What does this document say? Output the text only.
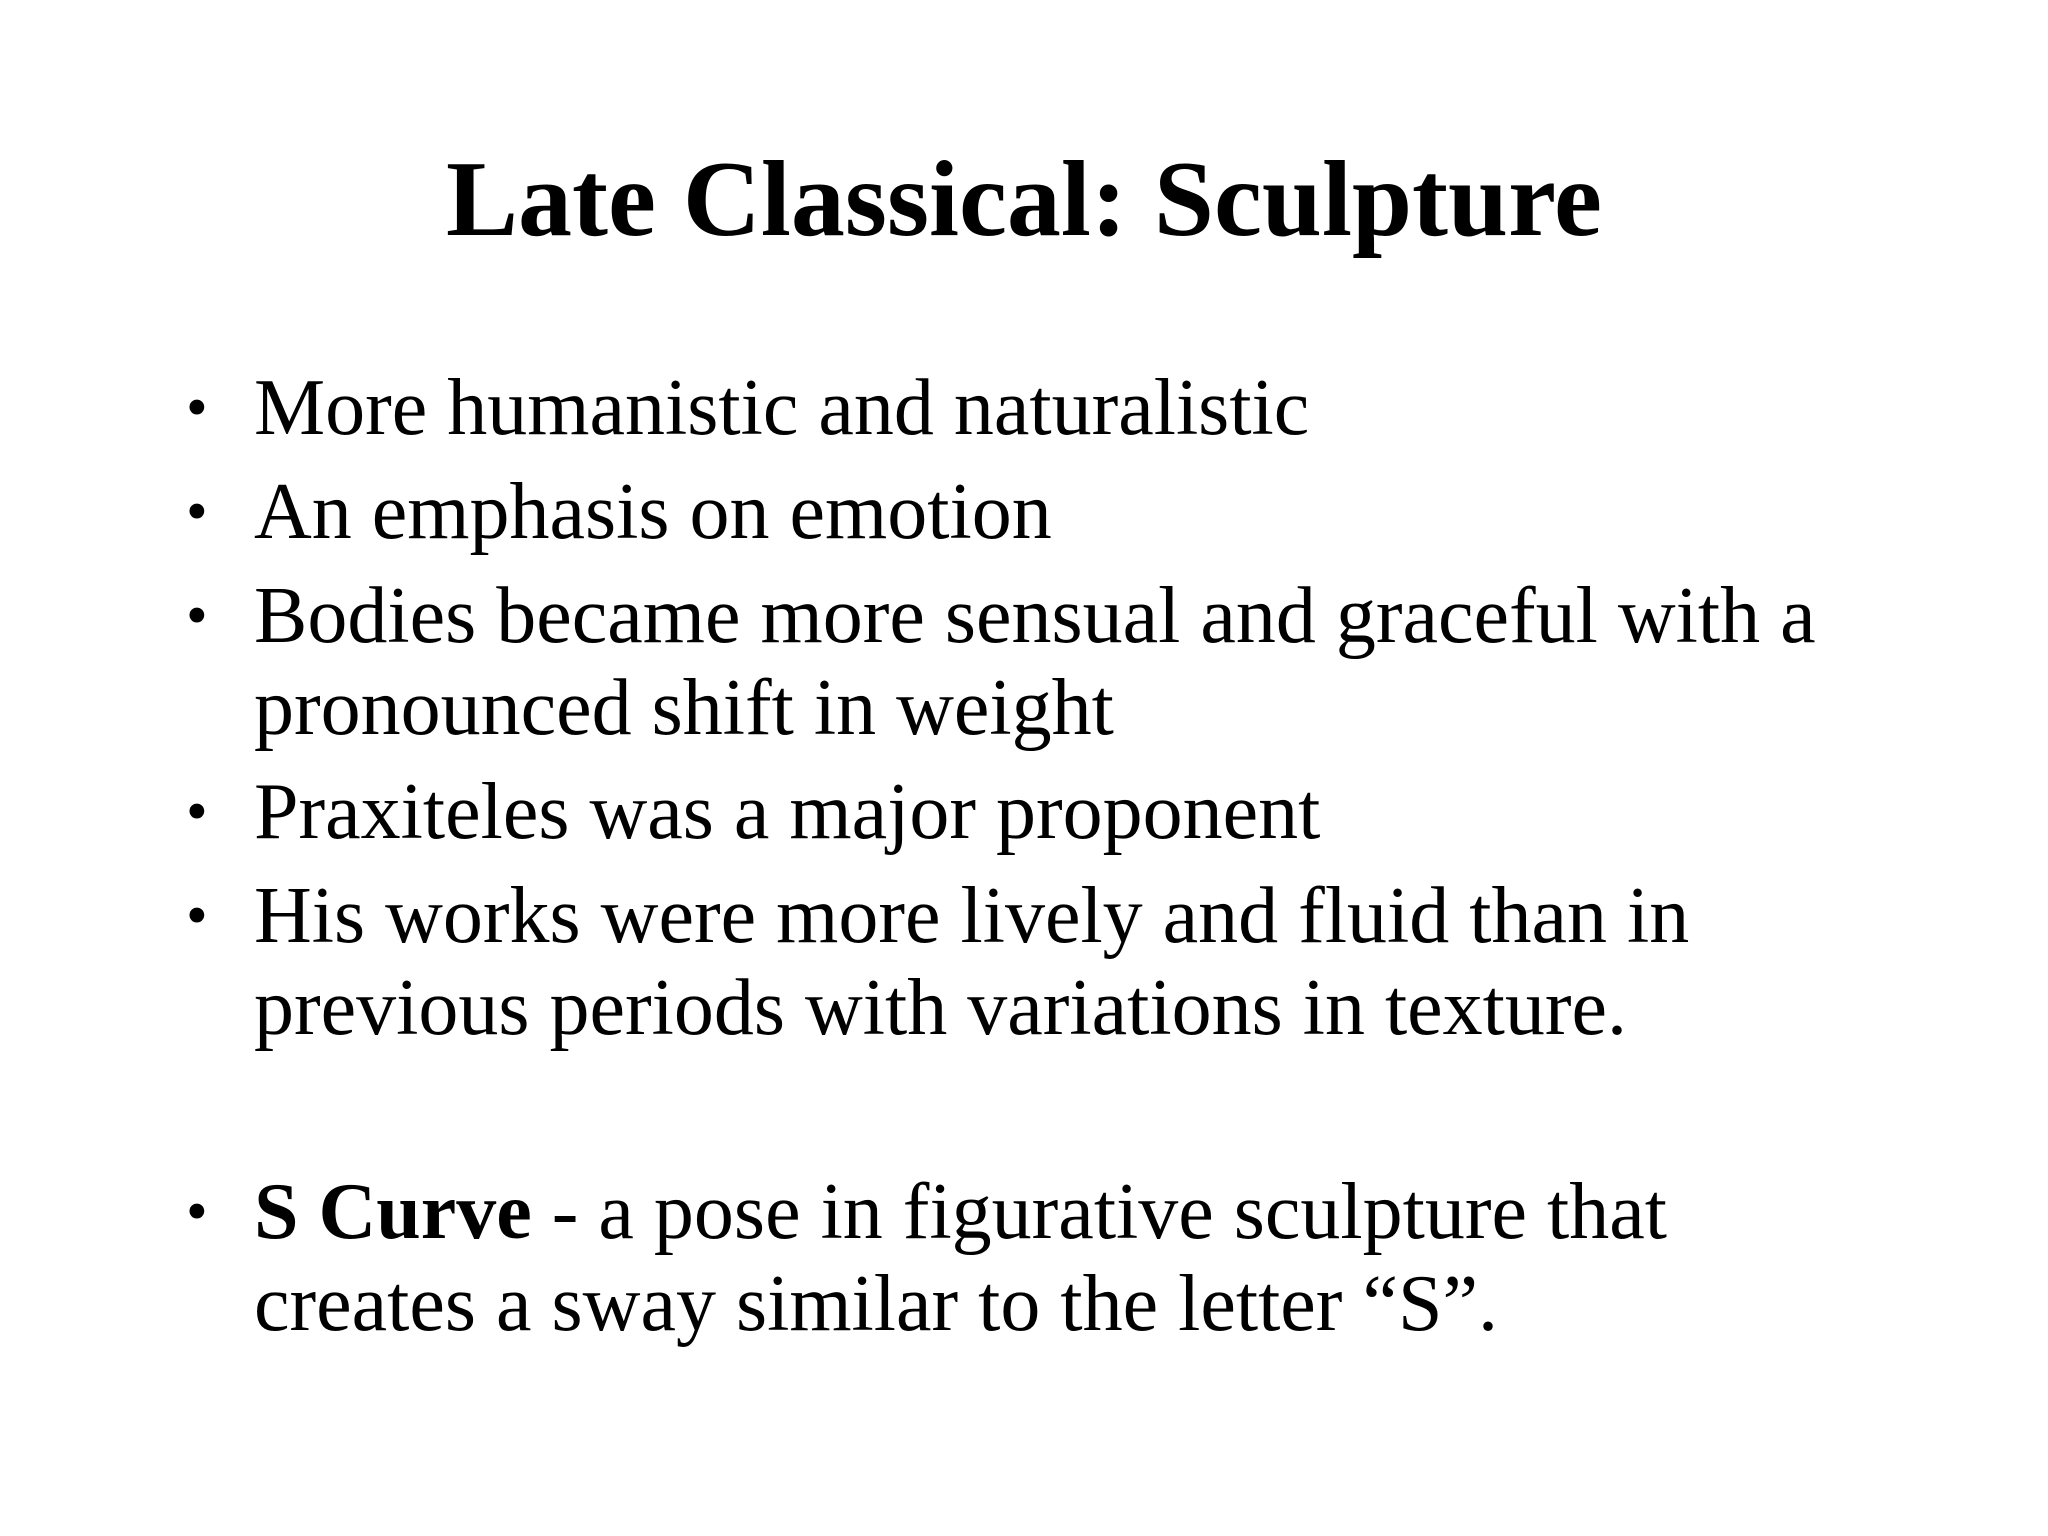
Late Classical: Sculpture
• More humanistic and naturalistic
• An emphasis on emotion
• Bodies became more sensual and graceful with a pronounced shift in weight
• Praxiteles was a major proponent
• His works were more lively and fluid than in previous periods with variations in texture.
• S Curve - a pose in figurative sculpture that creates a sway similar to the letter “S”.
